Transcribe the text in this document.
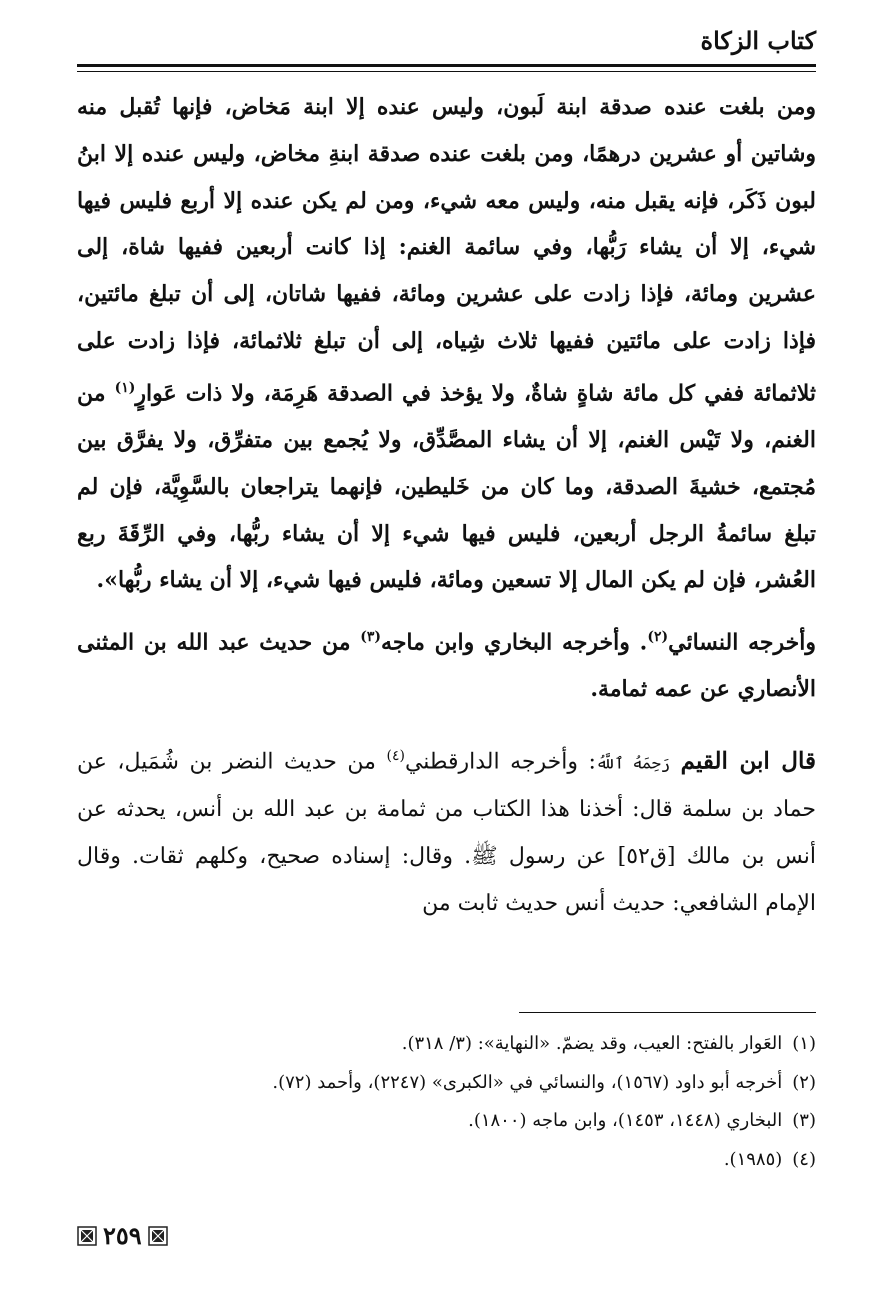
كتاب الزكاة

ومن بلغت عنده صدقة ابنة لَبون، وليس عنده إلا ابنة مَخاض، فإنها تُقبل منه وشاتين أو عشرين درهمًا، ومن بلغت عنده صدقة ابنةِ مخاض، وليس عنده إلا ابنُ لبون ذَكَر، فإنه يقبل منه، وليس معه شيء، ومن لم يكن عنده إلا أربع فليس فيها شيء، إلا أن يشاء رَبُّها، وفي سائمة الغنم: إذا كانت أربعين ففيها شاة، إلى عشرين ومائة، فإذا زادت على عشرين ومائة، ففيها شاتان، إلى أن تبلغ مائتين، فإذا زادت على مائتين ففيها ثلاث شِياه، إلى أن تبلغ ثلاثمائة، فإذا زادت على ثلاثمائة ففي كل مائة شاةٍ شاةٌ، ولا يؤخذ في الصدقة هَرِمَة، ولا ذات عَوارٍ$^{(١)}$ من الغنم، ولا تَيْس الغنم، إلا أن يشاء المصَّدِّق، ولا يُجمع بين متفرِّق، ولا يفرَّق بين مُجتمع، خشيةَ الصدقة، وما كان من خَليطين، فإنهما يتراجعان بالسَّوِيَّة، فإن لم تبلغ سائمةُ الرجل أربعين، فليس فيها شيء إلا أن يشاء ربُّها، وفي الرِّقَةَ ربع العُشر، فإن لم يكن المال إلا تسعين ومائة، فليس فيها شيء، إلا أن يشاء ربُّها».

وأخرجه النسائي$^{(٢)}$. وأخرجه البخاري وابن ماجه$^{(٣)}$ من حديث عبد الله بن المثنى الأنصاري عن عمه ثمامة.

قال ابن القيم رَحِمَهُ ٱللَّهُ: وأخرجه الدارقطني$^{(٤)}$ من حديث النضر بن شُمَيل، عن حماد بن سلمة قال: أخذنا هذا الكتاب من ثمامة بن عبد الله بن أنس، يحدثه عن أنس بن مالك [ق٥٢] عن رسول ﷺ. وقال: إسناده صحيح، وكلهم ثقات. وقال الإمام الشافعي: حديث أنس حديث ثابت من

(١)
العَوار بالفتح: العيب، وقد يضمّ. «النهاية»: (٣/ ٣١٨).
(٢)
أخرجه أبو داود (١٥٦٧)، والنسائي في «الكبرى» (٢٢٤٧)، وأحمد (٧٢).
(٣)
البخاري (١٤٤٨، ١٤٥٣)، وابن ماجه (١٨٠٠).
(٤)
(١٩٨٥).
٢٥٩
